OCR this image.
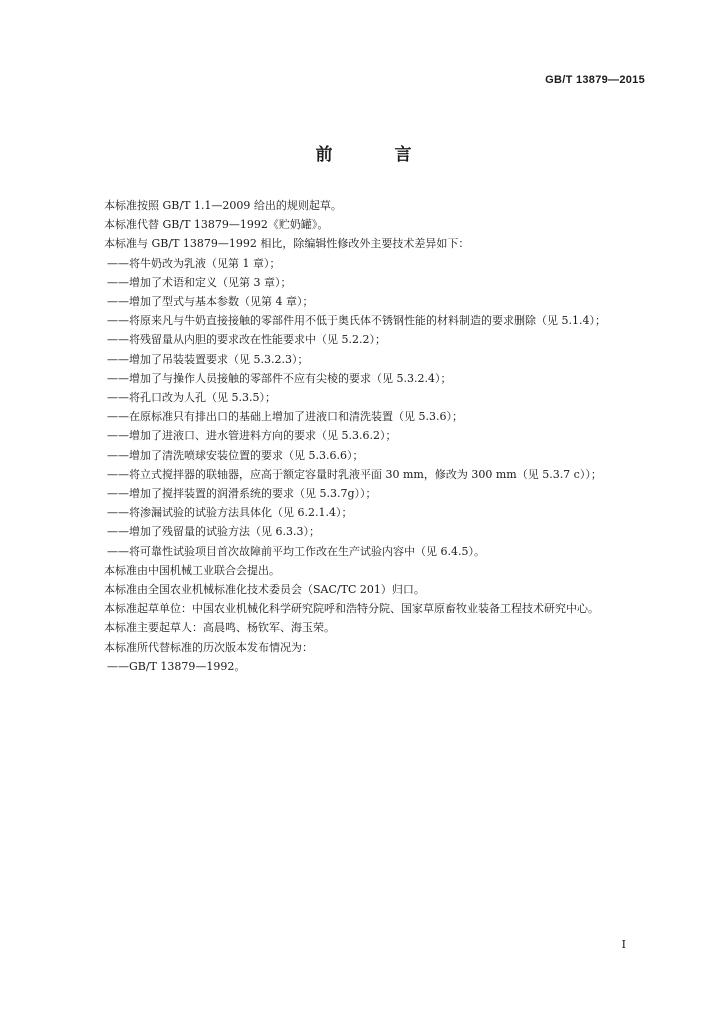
GB/T 13879—2015
前 言

本标准按照 GB/T 1.1—2009 给出的规则起草。

本标准代替 GB/T 13879—1992《贮奶罐》。

本标准与 GB/T 13879—1992 相比，除编辑性修改外主要技术差异如下：

——将牛奶改为乳液（见第 1 章）；

——增加了术语和定义（见第 3 章）；

——增加了型式与基本参数（见第 4 章）；

——将原来凡与牛奶直接接触的零部件用不低于奥氏体不锈钢性能的材料制造的要求删除（见 5.1.4）；

——将残留量从内胆的要求改在性能要求中（见 5.2.2）；

——增加了吊装装置要求（见 5.3.2.3）；

——增加了与操作人员接触的零部件不应有尖棱的要求（见 5.3.2.4）；

——将孔口改为人孔（见 5.3.5）；

——在原标准只有排出口的基础上增加了进液口和清洗装置（见 5.3.6）；

——增加了进液口、进水管进料方向的要求（见 5.3.6.2）；

——增加了清洗喷球安装位置的要求（见 5.3.6.6）；

——将立式搅拌器的联轴器，应高于额定容量时乳液平面 30 mm，修改为 300 mm（见 5.3.7 c））；

——增加了搅拌装置的润滑系统的要求（见 5.3.7g））；

——将渗漏试验的试验方法具体化（见 6.2.1.4）；

——增加了残留量的试验方法（见 6.3.3）；

——将可靠性试验项目首次故障前平均工作改在生产试验内容中（见 6.4.5）。

本标准由中国机械工业联合会提出。

本标准由全国农业机械标准化技术委员会（SAC/TC 201）归口。

本标准起草单位：中国农业机械化科学研究院呼和浩特分院、国家草原畜牧业装备工程技术研究中心。

本标准主要起草人：高晨鸣、杨钦军、海玉荣。

本标准所代替标准的历次版本发布情况为：

——GB/T 13879—1992。

I
